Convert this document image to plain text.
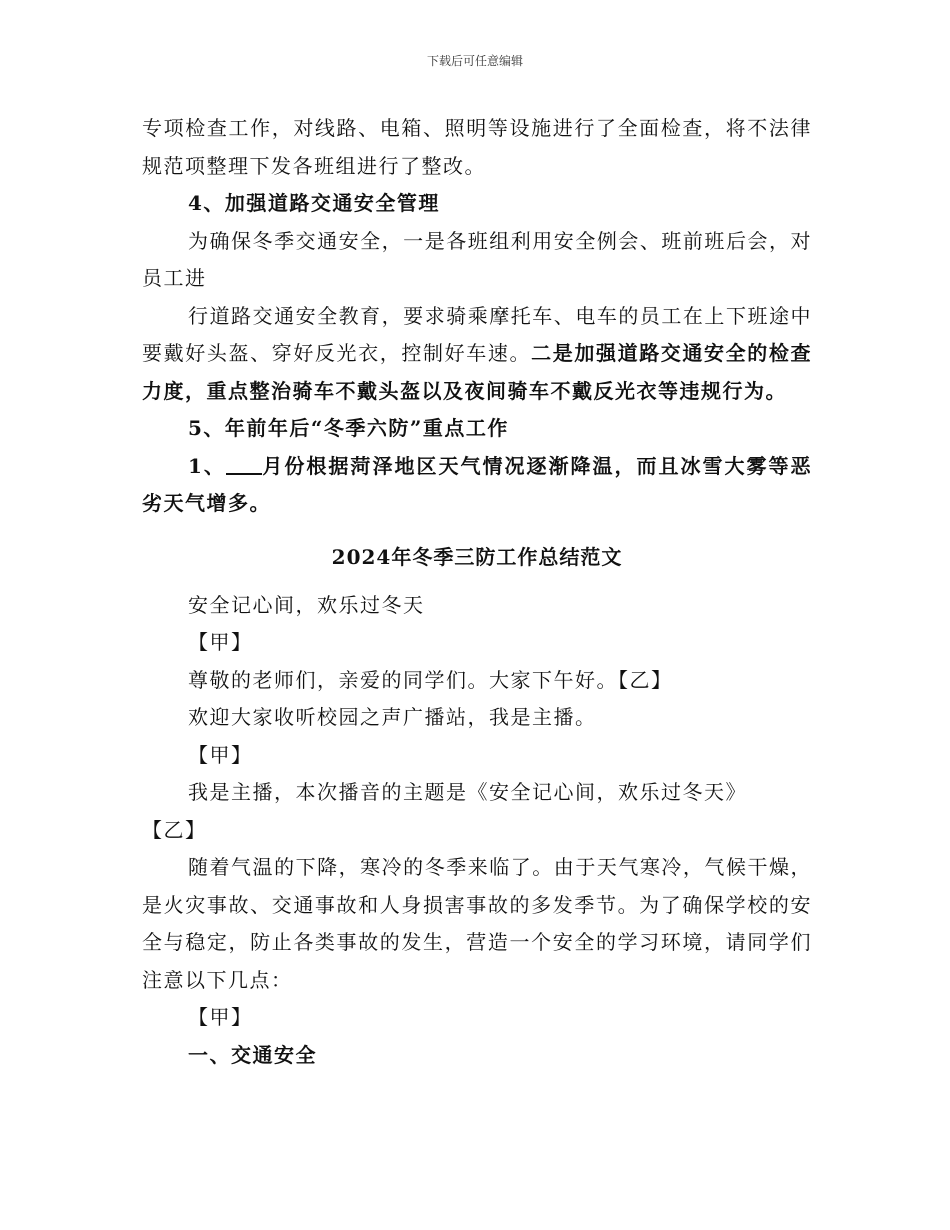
下载后可任意编辑

专项检查工作，对线路、电箱、照明等设施进行了全面检查，将不法律规范项整理下发各班组进行了整改。

4、加强道路交通安全管理

为确保冬季交通安全，一是各班组利用安全例会、班前班后会，对员工进

行道路交通安全教育，要求骑乘摩托车、电车的员工在上下班途中要戴好头盔、穿好反光衣，控制好车速。二是加强道路交通安全的检查力度，重点整治骑车不戴头盔以及夜间骑车不戴反光衣等违规行为。

5、年前年后“冬季六防”重点工作

1、 月份根据菏泽地区天气情况逐渐降温，而且冰雪大雾等恶劣天气增多。

2024年冬季三防工作总结范文

安全记心间，欢乐过冬天

【甲】

尊敬的老师们，亲爱的同学们。大家下午好。【乙】

欢迎大家收听校园之声广播站，我是主播。

【甲】

我是主播，本次播音的主题是《安全记心间，欢乐过冬天》

【乙】

随着气温的下降，寒冷的冬季来临了。由于天气寒冷，气候干燥，是火灾事故、交通事故和人身损害事故的多发季节。为了确保学校的安全与稳定，防止各类事故的发生，营造一个安全的学习环境，请同学们注意以下几点：

【甲】

一、交通安全
